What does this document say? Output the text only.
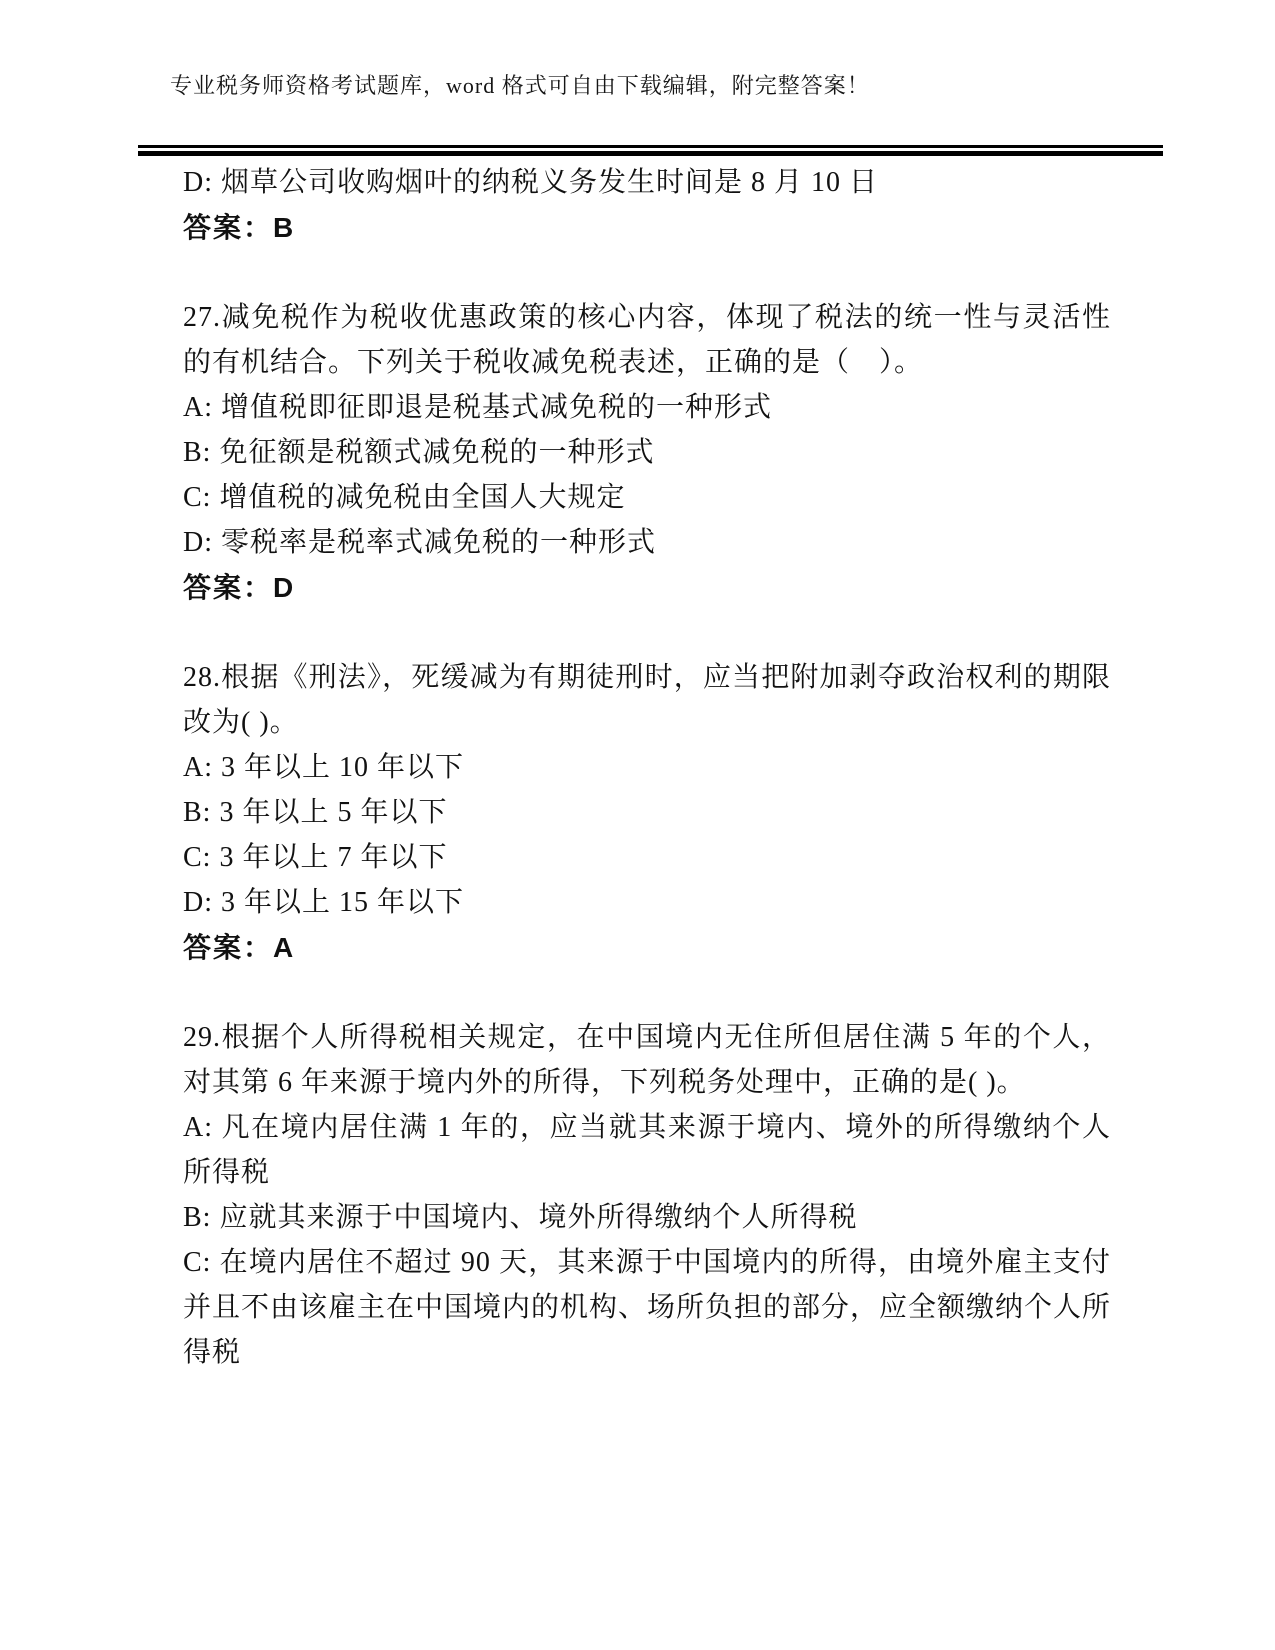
专业税务师资格考试题库，word 格式可自由下载编辑，附完整答案！

D: 烟草公司收购烟叶的纳税义务发生时间是 8 月 10 日

答案：B

27.减免税作为税收优惠政策的核心内容，体现了税法的统一性与灵活性的有机结合。下列关于税收减免税表述，正确的是（　）。

A: 增值税即征即退是税基式减免税的一种形式

B: 免征额是税额式减免税的一种形式

C: 增值税的减免税由全国人大规定

D: 零税率是税率式减免税的一种形式

答案：D

28.根据《刑法》，死缓减为有期徒刑时，应当把附加剥夺政治权利的期限改为( )。

A: 3 年以上 10 年以下

B: 3 年以上 5 年以下

C: 3 年以上 7 年以下

D: 3 年以上 15 年以下

答案：A

29.根据个人所得税相关规定，在中国境内无住所但居住满 5 年的个人，对其第 6 年来源于境内外的所得，下列税务处理中，正确的是( )。

A: 凡在境内居住满 1 年的，应当就其来源于境内、境外的所得缴纳个人所得税

B: 应就其来源于中国境内、境外所得缴纳个人所得税

C: 在境内居住不超过 90 天，其来源于中国境内的所得，由境外雇主支付并且不由该雇主在中国境内的机构、场所负担的部分，应全额缴纳个人所得税
